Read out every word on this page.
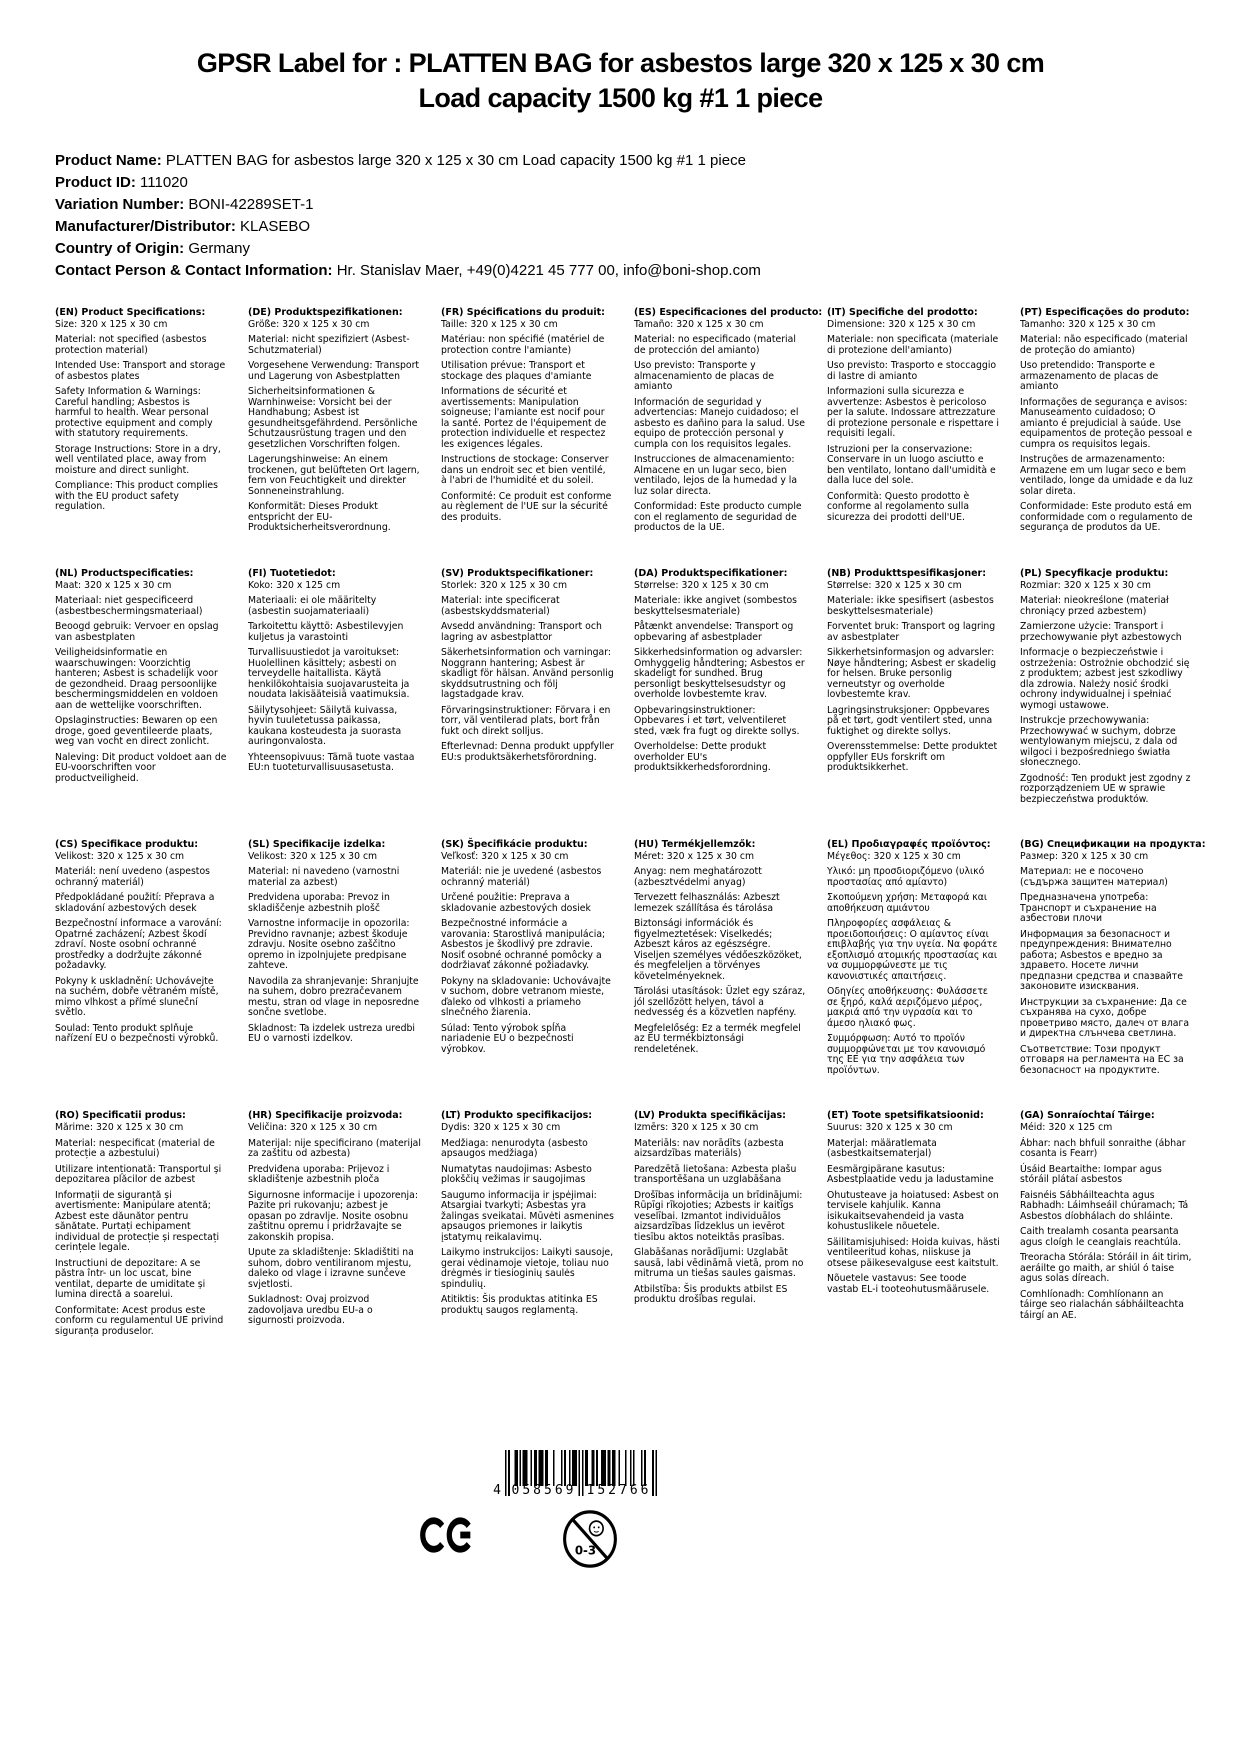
GPSR Label for : PLATTEN BAG for asbestos large 320 x 125 x 30 cm
Load capacity 1500 kg #1 1 piece
Product Name: PLATTEN BAG for asbestos large 320 x 125 x 30 cm Load capacity 1500 kg #1 1 piece
Product ID: 111020
Variation Number: BONI-42289SET-1
Manufacturer/Distributor: KLASEBO
Country of Origin: Germany
Contact Person & Contact Information: Hr. Stanislav Maer, +49(0)4221 45 777 00, info@boni-shop.com
(EN) Product Specifications:

Size: 320 x 125 x 30 cm

Material: not specified (asbestos protection material)

Intended Use: Transport and storage of asbestos plates

Safety Information & Warnings: Careful handling; Asbestos is harmful to health. Wear personal protective equipment and comply with statutory requirements.

Storage Instructions: Store in a dry, well ventilated place, away from moisture and direct sunlight.

Compliance: This product complies with the EU product safety regulation.

(DE) Produktspezifikationen:

Größe: 320 x 125 x 30 cm

Material: nicht spezifiziert (Asbest-Schutzmaterial)

Vorgesehene Verwendung: Transport und Lagerung von Asbestplatten

Sicherheitsinformationen & Warnhinweise: Vorsicht bei der Handhabung; Asbest ist gesundheitsgefährdend. Persönliche Schutzausrüstung tragen und den gesetzlichen Vorschriften folgen.

Lagerungshinweise: An einem trockenen, gut belüfteten Ort lagern, fern von Feuchtigkeit und direkter Sonneneinstrahlung.

Konformität: Dieses Produkt entspricht der EU-Produktsicherheitsverordnung.

(FR) Spécifications du produit:

Taille: 320 x 125 x 30 cm

Matériau: non spécifié (matériel de protection contre l'amiante)

Utilisation prévue: Transport et stockage des plaques d'amiante

Informations de sécurité et avertissements: Manipulation soigneuse; l'amiante est nocif pour la santé. Portez de l'équipement de protection individuelle et respectez les exigences légales.

Instructions de stockage: Conserver dans un endroit sec et bien ventilé, à l'abri de l'humidité et du soleil.

Conformité: Ce produit est conforme au règlement de l'UE sur la sécurité des produits.

(ES) Especificaciones del producto:

Tamaño: 320 x 125 x 30 cm

Material: no especificado (material de protección del amianto)

Uso previsto: Transporte y almacenamiento de placas de amianto

Información de seguridad y advertencias: Manejo cuidadoso; el asbesto es dañino para la salud. Use equipo de protección personal y cumpla con los requisitos legales.

Instrucciones de almacenamiento: Almacene en un lugar seco, bien ventilado, lejos de la humedad y la luz solar directa.

Conformidad: Este producto cumple con el reglamento de seguridad de productos de la UE.

(IT) Specifiche del prodotto:

Dimensione: 320 x 125 x 30 cm

Materiale: non specificata (materiale di protezione dell'amianto)

Uso previsto: Trasporto e stoccaggio di lastre di amianto

Informazioni sulla sicurezza e avvertenze: Asbestos è pericoloso per la salute. Indossare attrezzature di protezione personale e rispettare i requisiti legali.

Istruzioni per la conservazione: Conservare in un luogo asciutto e ben ventilato, lontano dall'umidità e dalla luce del sole.

Conformità: Questo prodotto è conforme al regolamento sulla sicurezza dei prodotti dell'UE.

(PT) Especificações do produto:

Tamanho: 320 x 125 x 30 cm

Material: não especificado (material de proteção do amianto)

Uso pretendido: Transporte e armazenamento de placas de amianto

Informações de segurança e avisos: Manuseamento cuidadoso; O amianto é prejudicial à saúde. Use equipamentos de proteção pessoal e cumpra os requisitos legais.

Instruções de armazenamento: Armazene em um lugar seco e bem ventilado, longe da umidade e da luz solar direta.

Conformidade: Este produto está em conformidade com o regulamento de segurança de produtos da UE.

(NL) Productspecificaties:

Maat: 320 x 125 x 30 cm

Materiaal: niet gespecificeerd (asbestbeschermingsmateriaal)

Beoogd gebruik: Vervoer en opslag van asbestplaten

Veiligheidsinformatie en waarschuwingen: Voorzichtig hanteren; Asbest is schadelijk voor de gezondheid. Draag persoonlijke beschermingsmiddelen en voldoen aan de wettelijke voorschriften.

Opslaginstructies: Bewaren op een droge, goed geventileerde plaats, weg van vocht en direct zonlicht.

Naleving: Dit product voldoet aan de EU-voorschriften voor productveiligheid.

(FI) Tuotetiedot:

Koko: 320 x 125 cm

Materiaali: ei ole määritelty (asbestin suojamateriaali)

Tarkoitettu käyttö: Asbestilevyjen kuljetus ja varastointi

Turvallisuustiedot ja varoitukset: Huolellinen käsittely; asbesti on terveydelle haitallista. Käytä henkilökohtaisia suojavarusteita ja noudata lakisääteisiä vaatimuksia.

Säilytysohjeet: Säilytä kuivassa, hyvin tuuletetussa paikassa, kaukana kosteudesta ja suorasta auringonvalosta.

Yhteensopivuus: Tämä tuote vastaa EU:n tuoteturvallisuusasetusta.

(SV) Produktspecifikationer:

Storlek: 320 x 125 x 30 cm

Material: inte specificerat (asbestskyddsmaterial)

Avsedd användning: Transport och lagring av asbestplattor

Säkerhetsinformation och varningar: Noggrann hantering; Asbest är skadligt för hälsan. Använd personlig skyddsutrustning och följ lagstadgade krav.

Förvaringsinstruktioner: Förvara i en torr, väl ventilerad plats, bort från fukt och direkt solljus.

Efterlevnad: Denna produkt uppfyller EU:s produktsäkerhetsförordning.

(DA) Produktspecifikationer:

Størrelse: 320 x 125 x 30 cm

Materiale: ikke angivet (sombestos beskyttelsesmateriale)

Påtænkt anvendelse: Transport og opbevaring af asbestplader

Sikkerhedsinformation og advarsler: Omhyggelig håndtering; Asbestos er skadeligt for sundhed. Brug personligt beskyttelsesudstyr og overholde lovbestemte krav.

Opbevaringsinstruktioner: Opbevares i et tørt, velventileret sted, væk fra fugt og direkte sollys.

Overholdelse: Dette produkt overholder EU's produktsikkerhedsforordning.

(NB) Produkttspesifikasjoner:

Størrelse: 320 x 125 x 30 cm

Materiale: ikke spesifisert (asbestos beskyttelsesmateriale)

Forventet bruk: Transport og lagring av asbestplater

Sikkerhetsinformasjon og advarsler: Nøye håndtering; Asbest er skadelig for helsen. Bruke personlig verneutstyr og overholde lovbestemte krav.

Lagringsinstruksjoner: Oppbevares på et tørt, godt ventilert sted, unna fuktighet og direkte sollys.

Overensstemmelse: Dette produktet oppfyller EUs forskrift om produktsikkerhet.

(PL) Specyfikacje produktu:

Rozmiar: 320 x 125 x 30 cm

Materiał: nieokreślone (materiał chroniący przed azbestem)

Zamierzone użycie: Transport i przechowywanie płyt azbestowych

Informacje o bezpieczeństwie i ostrzeżenia: Ostrożnie obchodzić się z produktem; azbest jest szkodliwy dla zdrowia. Należy nosić środki ochrony indywidualnej i spełniać wymogi ustawowe.

Instrukcje przechowywania: Przechowywać w suchym, dobrze wentylowanym miejscu, z dala od wilgoci i bezpośredniego światła słonecznego.

Zgodność: Ten produkt jest zgodny z rozporządzeniem UE w sprawie bezpieczeństwa produktów.

(CS) Specifikace produktu:

Velikost: 320 x 125 x 30 cm

Materiál: není uvedeno (aspestos ochranný materiál)

Předpokládané použití: Přeprava a skladování azbestových desek

Bezpečnostní informace a varování: Opatrné zacházení; Azbest škodí zdraví. Noste osobní ochranné prostředky a dodržujte zákonné požadavky.

Pokyny k uskladnění: Uchovávejte na suchém, dobře větraném místě, mimo vlhkost a přímé sluneční světlo.

Soulad: Tento produkt splňuje nařízení EU o bezpečnosti výrobků.

(SL) Specifikacije izdelka:

Velikost: 320 x 125 x 30 cm

Material: ni navedeno (varnostni material za azbest)

Predvidena uporaba: Prevoz in skladiščenje azbestnih plošč

Varnostne informacije in opozorila: Previdno ravnanje; azbest škoduje zdravju. Nosite osebno zaščitno opremo in izpolnjujete predpisane zahteve.

Navodila za shranjevanje: Shranjujte na suhem, dobro prezračevanem mestu, stran od vlage in neposredne sončne svetlobe.

Skladnost: Ta izdelek ustreza uredbi EU o varnosti izdelkov.

(SK) Špecifikácie produktu:

Veľkosť: 320 x 125 x 30 cm

Materiál: nie je uvedené (asbestos ochranný materiál)

Určené použitie: Preprava a skladovanie azbestových dosiek

Bezpečnostné informácie a varovania: Starostlivá manipulácia; Asbestos je škodlivý pre zdravie. Nosiť osobné ochranné pomôcky a dodržiavať zákonné požiadavky.

Pokyny na skladovanie: Uchovávajte v suchom, dobre vetranom mieste, ďaleko od vlhkosti a priameho slnečného žiarenia.

Súlad: Tento výrobok spĺňa nariadenie EÚ o bezpečnosti výrobkov.

(HU) Termékjellemzők:

Méret: 320 x 125 x 30 cm

Anyag: nem meghatározott (azbesztvédelmi anyag)

Tervezett felhasználás: Azbeszt lemezek szállítása és tárolása

Biztonsági információk és figyelmeztetések: Viselkedés; Azbeszt káros az egészségre. Viseljen személyes védőeszközöket, és megfeleljen a törvényes követelményeknek.

Tárolási utasítások: Üzlet egy száraz, jól szellőzött helyen, távol a nedvesség és a közvetlen napfény.

Megfelelőség: Ez a termék megfelel az EU termékbiztonsági rendeletének.

(EL) Προδιαγραφές προϊόντος:

Μέγεθος: 320 x 125 x 30 cm

Υλικό: μη προσδιοριζόμενο (υλικό προστασίας από αμίαντο)

Σκοπούμενη χρήση: Μεταφορά και αποθήκευση αμιάντου

Πληροφορίες ασφάλειας & προειδοποιήσεις: Ο αμίαντος είναι επιβλαβής για την υγεία. Να φοράτε εξοπλισμό ατομικής προστασίας και να συμμορφώνεστε με τις κανονιστικές απαιτήσεις.

Οδηγίες αποθήκευσης: Φυλάσσετε σε ξηρό, καλά αεριζόμενο μέρος, μακριά από την υγρασία και το άμεσο ηλιακό φως.

Συμμόρφωση: Αυτό το προϊόν συμμορφώνεται με τον κανονισμό της ΕΕ για την ασφάλεια των προϊόντων.

(BG) Спецификации на продукта:

Размер: 320 x 125 x 30 cm

Материал: не е посочено (съдържа защитен материал)

Предназначена употреба: Транспорт и съхранение на азбестови плочи

Информация за безопасност и предупреждения: Внимателно работа; Asbestos е вредно за здравето. Носете лични предпазни средства и спазвайте законовите изисквания.

Инструкции за съхранение: Да се съхранява на сухо, добре проветриво място, далеч от влага и директна слънчева светлина.

Съответствие: Този продукт отговаря на регламента на ЕС за безопасност на продуктите.

(RO) Specificatii produs:

Mărime: 320 x 125 x 30 cm

Material: nespecificat (material de protecție a azbestului)

Utilizare intenționată: Transportul și depozitarea plăcilor de azbest

Informații de siguranță și avertismente: Manipulare atentă; Azbest este dăunător pentru sănătate. Purtați echipament individual de protecție și respectați cerințele legale.

Instructiuni de depozitare: A se păstra într- un loc uscat, bine ventilat, departe de umiditate și lumina directă a soarelui.

Conformitate: Acest produs este conform cu regulamentul UE privind siguranța produselor.

(HR) Specifikacije proizvoda:

Veličina: 320 x 125 x 30 cm

Materijal: nije specificirano (materijal za zaštitu od azbesta)

Predviđena uporaba: Prijevoz i skladištenje azbestnih ploča

Sigurnosne informacije i upozorenja: Pazite pri rukovanju; azbest je opasan po zdravlje. Nosite osobnu zaštitnu opremu i pridržavajte se zakonskih propisa.

Upute za skladištenje: Skladištiti na suhom, dobro ventiliranom mjestu, daleko od vlage i izravne sunčeve svjetlosti.

Sukladnost: Ovaj proizvod zadovoljava uredbu EU-a o sigurnosti proizvoda.

(LT) Produkto specifikacijos:

Dydis: 320 x 125 x 30 cm

Medžiaga: nenurodyta (asbesto apsaugos medžiaga)

Numatytas naudojimas: Asbesto plokščių vežimas ir saugojimas

Saugumo informacija ir įspėjimai: Atsargiai tvarkyti; Asbestas yra žalingas sveikatai. Mūvėti asmenines apsaugos priemones ir laikytis įstatymų reikalavimų.

Laikymo instrukcijos: Laikyti sausoje, gerai vėdinamoje vietoje, toliau nuo drėgmės ir tiesioginių saulės spindulių.

Atitiktis: Šis produktas atitinka ES produktų saugos reglamentą.

(LV) Produkta specifikācijas:

Izmērs: 320 x 125 x 30 cm

Materiāls: nav norādīts (azbesta aizsardzības materiāls)

Paredzētā lietošana: Azbesta plašu transportēšana un uzglabāšana

Drošības informācija un brīdinājumi: Rūpīgi rīkojoties; Azbests ir kaitīgs veselībai. Izmantot individuālos aizsardzības līdzeklus un ievērot tiesību aktos noteiktās prasības.

Glabāšanas norādījumi: Uzglabāt sausā, labi vēdināmā vietā, prom no mitruma un tiešas saules gaismas.

Atbilstība: Šis produkts atbilst ES produktu drošības regulai.

(ET) Toote spetsifikatsioonid:

Suurus: 320 x 125 x 30 cm

Materjal: määratlemata (asbestkaitsematerjal)

Eesmärgipärane kasutus: Asbestplaatide vedu ja ladustamine

Ohutusteave ja hoiatused: Asbest on tervisele kahjulik. Kanna isikukaitsevahendeid ja vasta kohustuslikele nõuetele.

Säilitamisjuhised: Hoida kuivas, hästi ventileeritud kohas, niiskuse ja otsese päikesevalguse eest kaitstult.

Nõuetele vastavus: See toode vastab EL-i tooteohutusmäärusele.

(GA) Sonraíochtaí Táirge:

Méid: 320 x 125 cm

Ábhar: nach bhfuil sonraithe (ábhar cosanta is Fearr)

Úsáid Beartaithe: Iompar agus stóráil plátaí asbestos

Faisnéis Sábháilteachta agus Rabhadh: Láimhseáil chúramach; Tá Asbestos díobhálach do shláinte.

Caith trealamh cosanta pearsanta agus cloígh le ceanglais reachtúla.

Treoracha Stórála: Stóráil in áit tirim, aeráilte go maith, ar shiúl ó taise agus solas díreach.

Comhlíonadh: Comhlíonann an táirge seo rialachán sábháilteachta táirgí an AE.

4 058569 152766
0-3
